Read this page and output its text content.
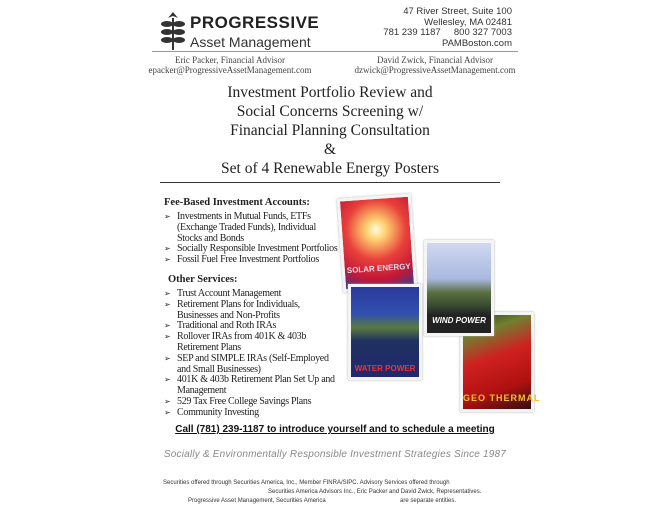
PROGRESSIVE
Asset Management
47 River Street, Suite 100
Wellesley, MA 02481
781 239 1187     800 327 7003
PAMBoston.com
Eric Packer, Financial Advisor
epacker@ProgressiveAssetManagement.com
David Zwick, Financial Advisor
dzwick@ProgressiveAssetManagement.com
Investment Portfolio Review and
Social Concerns Screening w/
Financial Planning Consultation
&
Set of 4 Renewable Energy Posters
Fee-Based Investment Accounts:
➢ Investments in Mutual Funds, ETFs (Exchange Traded Funds), Individual Stocks and Bonds
➢ Socially Responsible Investment Portfolios
➢ Fossil Fuel Free Investment Portfolios
Other Services:
➢ Trust Account Management
➢ Retirement Plans for Individuals, Businesses and Non-Profits
➢ Traditional and Roth IRAs
➢ Rollover IRAs from 401K & 403b Retirement Plans
➢ SEP and SIMPLE IRAs (Self-Employed and Small Businesses)
➢ 401K & 403b Retirement Plan Set Up and Management
➢ 529 Tax Free College Savings Plans
➢ Community Investing
SOLAR ENERGY
WATER POWER
GEO THERMAL
WIND POWER
Call (781) 239-1187 to introduce yourself and to schedule a meeting
Socially & Environmentally Responsible Investment Strategies Since 1987
Securities offered through Securities America, Inc., Member FINRA/SIPC. Advisory Services offered through
Securities America Advisors Inc., Eric Packer and David Zwick, Representatives.
Progressive Asset Management, Securities America	are separate entities.
